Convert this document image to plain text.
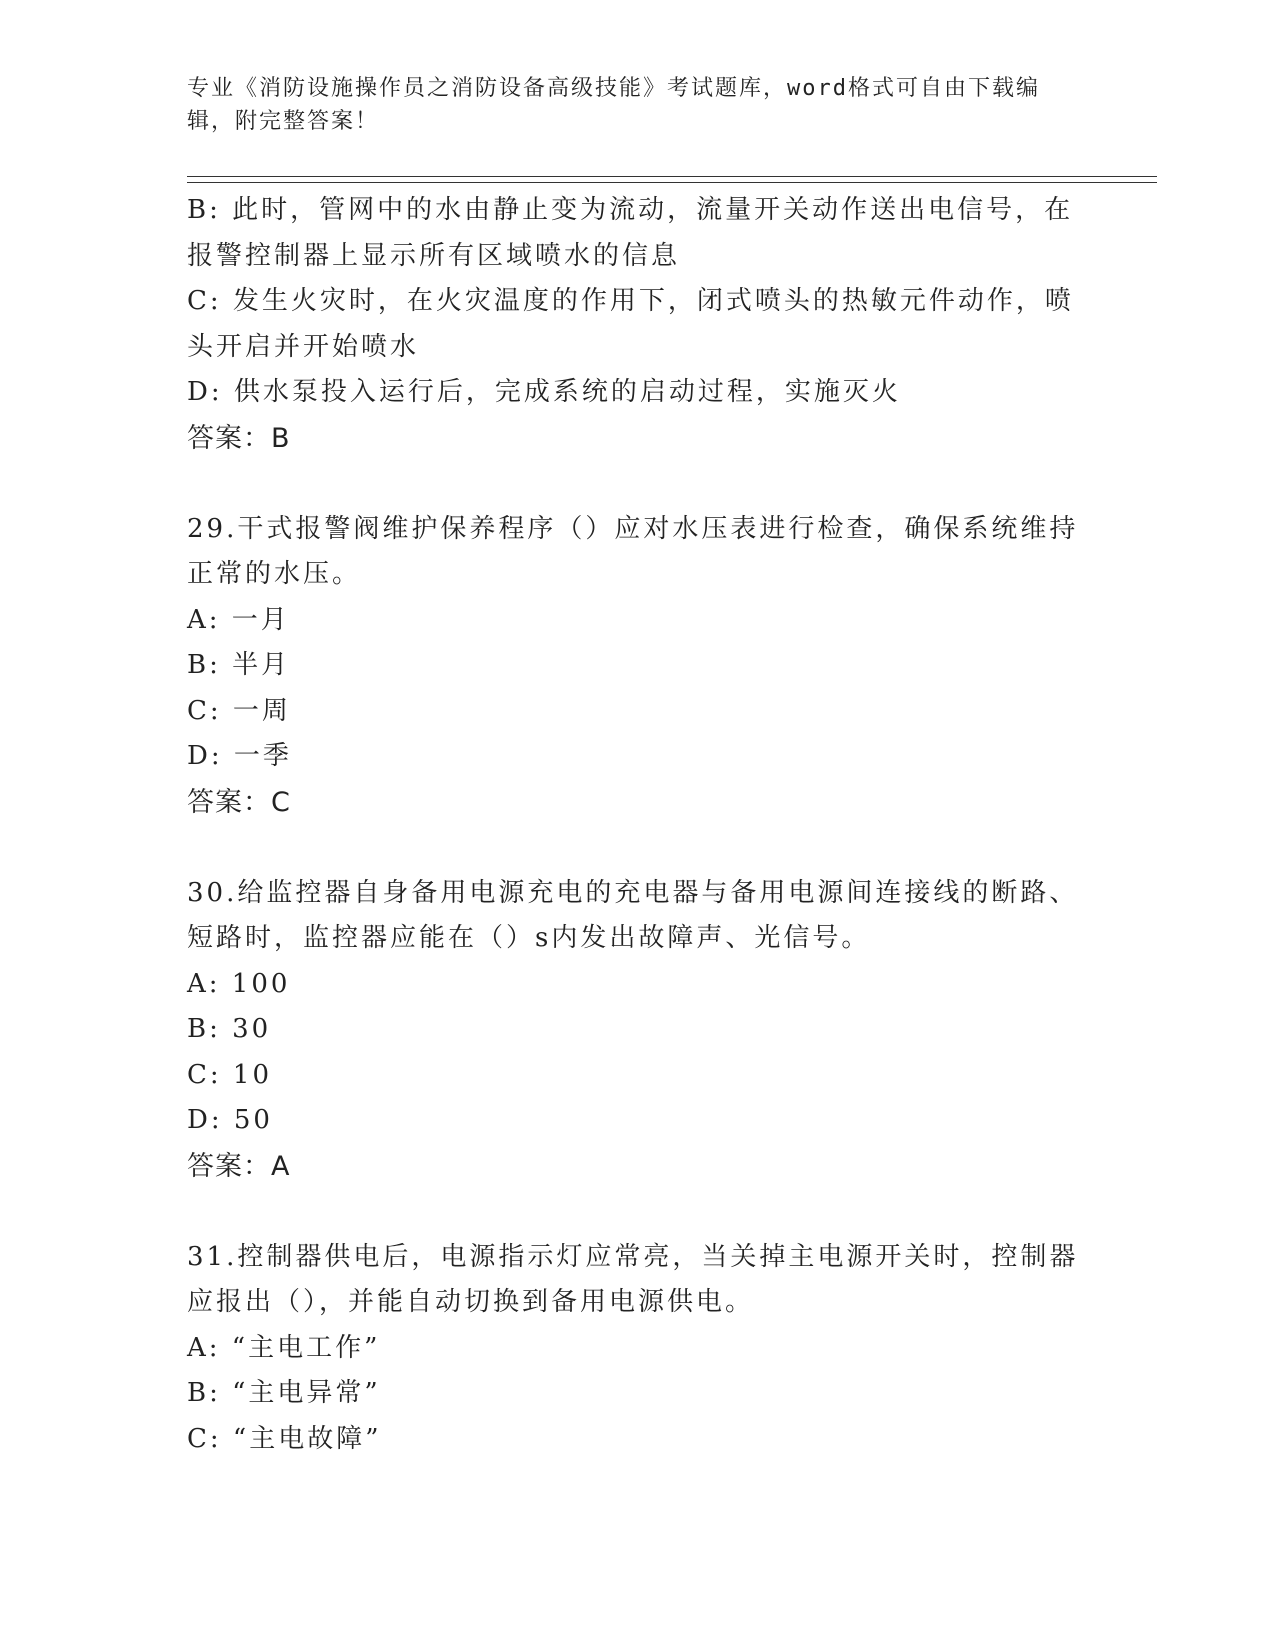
专业《消防设施操作员之消防设备高级技能》考试题库，word格式可自由下载编
辑，附完整答案！
B: 此时，管网中的水由静止变为流动，流量开关动作送出电信号，在
报警控制器上显示所有区域喷水的信息
C: 发生火灾时，在火灾温度的作用下，闭式喷头的热敏元件动作，喷
头开启并开始喷水
D: 供水泵投入运行后，完成系统的启动过程，实施灭火
答案：B
29.干式报警阀维护保养程序（）应对水压表进行检查，确保系统维持
正常的水压。
A: 一月
B: 半月
C: 一周
D: 一季
答案：C
30.给监控器自身备用电源充电的充电器与备用电源间连接线的断路、
短路时，监控器应能在（）s内发出故障声、光信号。
A: 100
B: 30
C: 10
D: 50
答案：A
31.控制器供电后，电源指示灯应常亮，当关掉主电源开关时，控制器
应报出（），并能自动切换到备用电源供电。
A: “主电工作”
B: “主电异常”
C: “主电故障”
